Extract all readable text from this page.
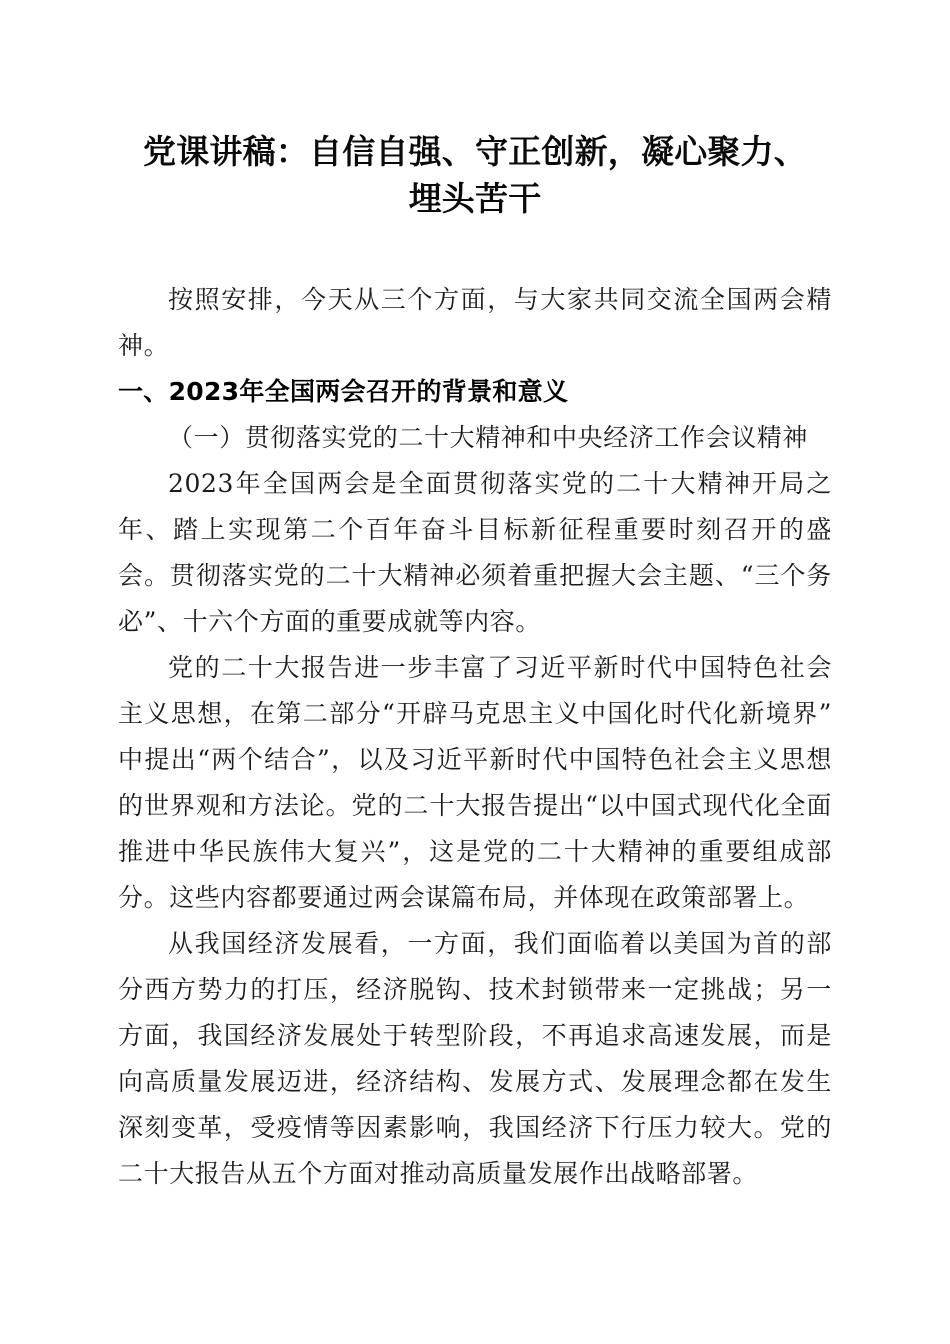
党课讲稿：自信自强、守正创新，凝心聚力、
埋头苦干

按照安排，今天从三个方面，与大家共同交流全国两会精神。

一、2023年全国两会召开的背景和意义
（一）贯彻落实党的二十大精神和中央经济工作会议精神

2023年全国两会是全面贯彻落实党的二十大精神开局之年、踏上实现第二个百年奋斗目标新征程重要时刻召开的盛会。贯彻落实党的二十大精神必须着重把握大会主题、“三个务必”、十六个方面的重要成就等内容。

党的二十大报告进一步丰富了习近平新时代中国特色社会主义思想，在第二部分“开辟马克思主义中国化时代化新境界”中提出“两个结合”，以及习近平新时代中国特色社会主义思想的世界观和方法论。党的二十大报告提出“以中国式现代化全面推进中华民族伟大复兴”，这是党的二十大精神的重要组成部分。这些内容都要通过两会谋篇布局，并体现在政策部署上。

从我国经济发展看，一方面，我们面临着以美国为首的部分西方势力的打压，经济脱钩、技术封锁带来一定挑战；另一方面，我国经济发展处于转型阶段，不再追求高速发展，而是向高质量发展迈进，经济结构、发展方式、发展理念都在发生深刻变革，受疫情等因素影响，我国经济下行压力较大。党的二十大报告从五个方面对推动高质量发展作出战略部署。
